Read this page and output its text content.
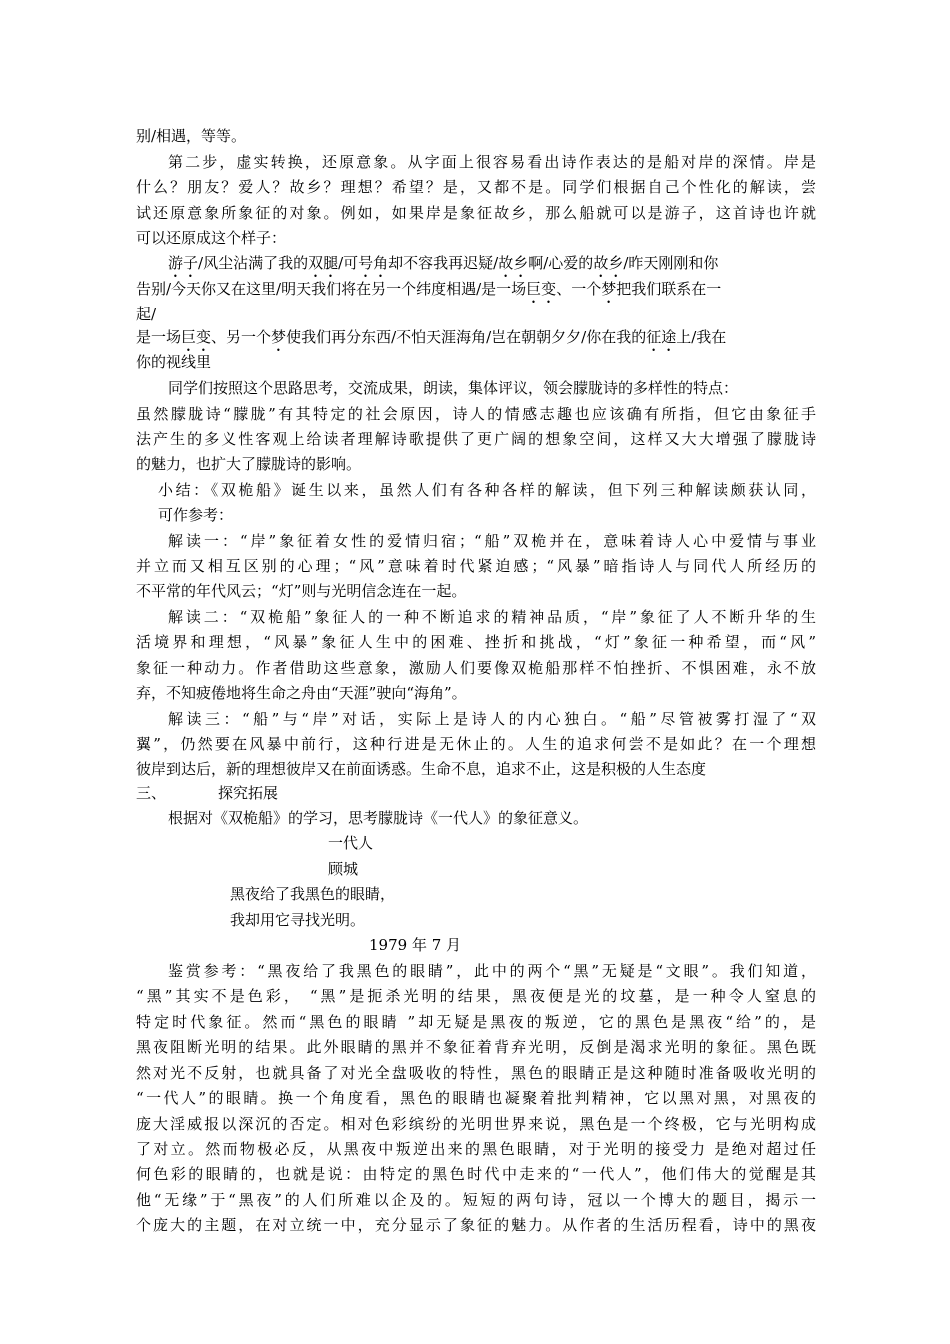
别/相遇，等等。
第二步，虚实转换，还原意象。从字面上很容易看出诗作表达的是船对岸的深情。岸是
什么？朋友？爱人？故乡？理想？希望？是，又都不是。同学们根据自己个性化的解读，尝
试还原意象所象征的对象。例如，如果岸是象征故乡，那么船就可以是游子，这首诗也许就
可以还原成这个样子：
游子/风尘沾满了我的双腿/可号角却不容我再迟疑/故乡啊/心爱的故乡/昨天刚刚和你
告别/今天你又在这里/明天我们将在另一个纬度相遇/是一场巨变、一个梦把我们联系在一
起/
是一场巨变、另一个梦使我们再分东西/不怕天涯海角/岂在朝朝夕夕/你在我的征途上/我在
你的视线里
同学们按照这个思路思考，交流成果，朗读，集体评议，领会朦胧诗的多样性的特点：
虽然朦胧诗“朦胧”有其特定的社会原因，诗人的情感志趣也应该确有所指，但它由象征手
法产生的多义性客观上给读者理解诗歌提供了更广阔的想象空间，这样又大大增强了朦胧诗
的魅力，也扩大了朦胧诗的影响。
小结：《双桅船》诞生以来，虽然人们有各种各样的解读，但下列三种解读颇获认同，
可作参考：
解读一：“岸”象征着女性的爱情归宿；“船”双桅并在，意味着诗人心中爱情与事业
并立而又相互区别的心理；“风”意味着时代紧迫感；“风暴”暗指诗人与同代人所经历的
不平常的年代风云；“灯”则与光明信念连在一起。
解读二：“双桅船”象征人的一种不断追求的精神品质，“岸”象征了人不断升华的生
活境界和理想，“风暴”象征人生中的困难、挫折和挑战，“灯”象征一种希望，而“风”
象征一种动力。作者借助这些意象，激励人们要像双桅船那样不怕挫折、不惧困难，永不放
弃，不知疲倦地将生命之舟由“天涯”驶向“海角”。
解读三：“船”与“岸”对话，实际上是诗人的内心独白。“船”尽管被雾打湿了“双
翼”，仍然要在风暴中前行，这种行进是无休止的。人生的追求何尝不是如此？在一个理想
彼岸到达后，新的理想彼岸又在前面诱惑。生命不息，追求不止，这是积极的人生态度
三、	探究拓展
根据对《双桅船》的学习，思考朦胧诗《一代人》的象征意义。
一代人
顾城
黑夜给了我黑色的眼睛，
我却用它寻找光明。
1979 年 7 月
鉴赏参考：“黑夜给了我黑色的眼睛”，此中的两个“黑”无疑是“文眼”。我们知道，
“黑”其实不是色彩， “黑”是扼杀光明的结果，黑夜便是光的坟墓，是一种令人窒息的
特定时代象征。然而“黑色的眼睛 ”却无疑是黑夜的叛逆，它的黑色是黑夜“给”的，是
黑夜阻断光明的结果。此外眼睛的黑并不象征着背弃光明，反倒是渴求光明的象征。黑色既
然对光不反射，也就具备了对光全盘吸收的特性，黑色的眼睛正是这种随时准备吸收光明的
“一代人”的眼睛。换一个角度看，黑色的眼睛也凝聚着批判精神，它以黑对黑，对黑夜的
庞大淫威报以深沉的否定。相对色彩缤纷的光明世界来说，黑色是一个终极，它与光明构成
了对立。然而物极必反，从黑夜中叛逆出来的黑色眼睛，对于光明的接受力 是绝对超过任
何色彩的眼睛的，也就是说：由特定的黑色时代中走来的“一代人”，他们伟大的觉醒是其
他“无缘”于“黑夜”的人们所难以企及的。短短的两句诗，冠以一个博大的题目，揭示一
个庞大的主题，在对立统一中，充分显示了象征的魅力。从作者的生活历程看，诗中的黑夜
